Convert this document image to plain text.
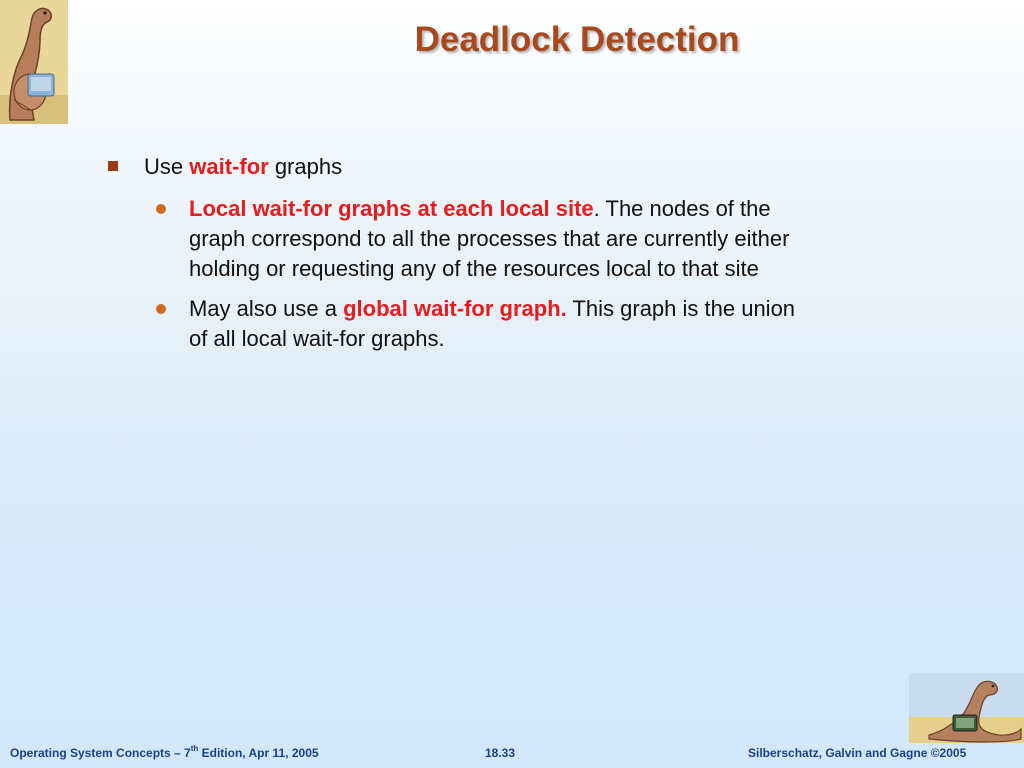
Deadlock Detection
Use wait-for graphs
Local wait-for graphs at each local site. The nodes of the graph correspond to all the processes that are currently either holding or requesting any of the resources local to that site
May also use a global wait-for graph. This graph is the union of all local wait-for graphs.
Operating System Concepts – 7th Edition, Apr 11, 2005	18.33	Silberschatz, Galvin and Gagne ©2005
